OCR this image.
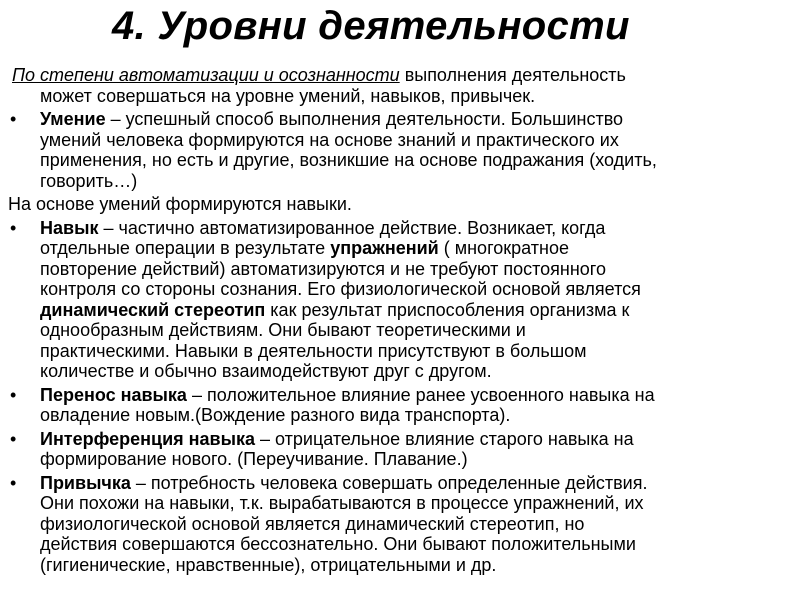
4. Уровни деятельности
По степени автоматизации и осознанности выполнения деятельность
может совершаться на уровне умений, навыков, привычек.
• Умение – успешный способ выполнения деятельности. Большинство
умений человека формируются на основе знаний и практического их
применения, но есть и другие, возникшие на основе подражания (ходить,
говорить…)
На основе умений формируются навыки.
• Навык – частично автоматизированное действие. Возникает, когда
отдельные операции в результате упражнений ( многократное
повторение действий) автоматизируются и не требуют постоянного
контроля со стороны сознания. Его физиологической основой является
динамический стереотип как результат приспособления организма к
однообразным действиям. Они бывают теоретическими и
практическими. Навыки в деятельности присутствуют в большом
количестве и обычно взаимодействуют друг с другом.
• Перенос навыка – положительное влияние ранее усвоенного навыка на
овладение новым.(Вождение разного вида транспорта).
• Интерференция навыка – отрицательное влияние старого навыка на
формирование нового. (Переучивание. Плавание.)
• Привычка – потребность человека совершать определенные действия.
Они похожи на навыки, т.к. вырабатываются в процессе упражнений, их
физиологической основой является динамический стереотип, но
действия совершаются бессознательно. Они бывают положительными
(гигиенические, нравственные), отрицательными и др.
